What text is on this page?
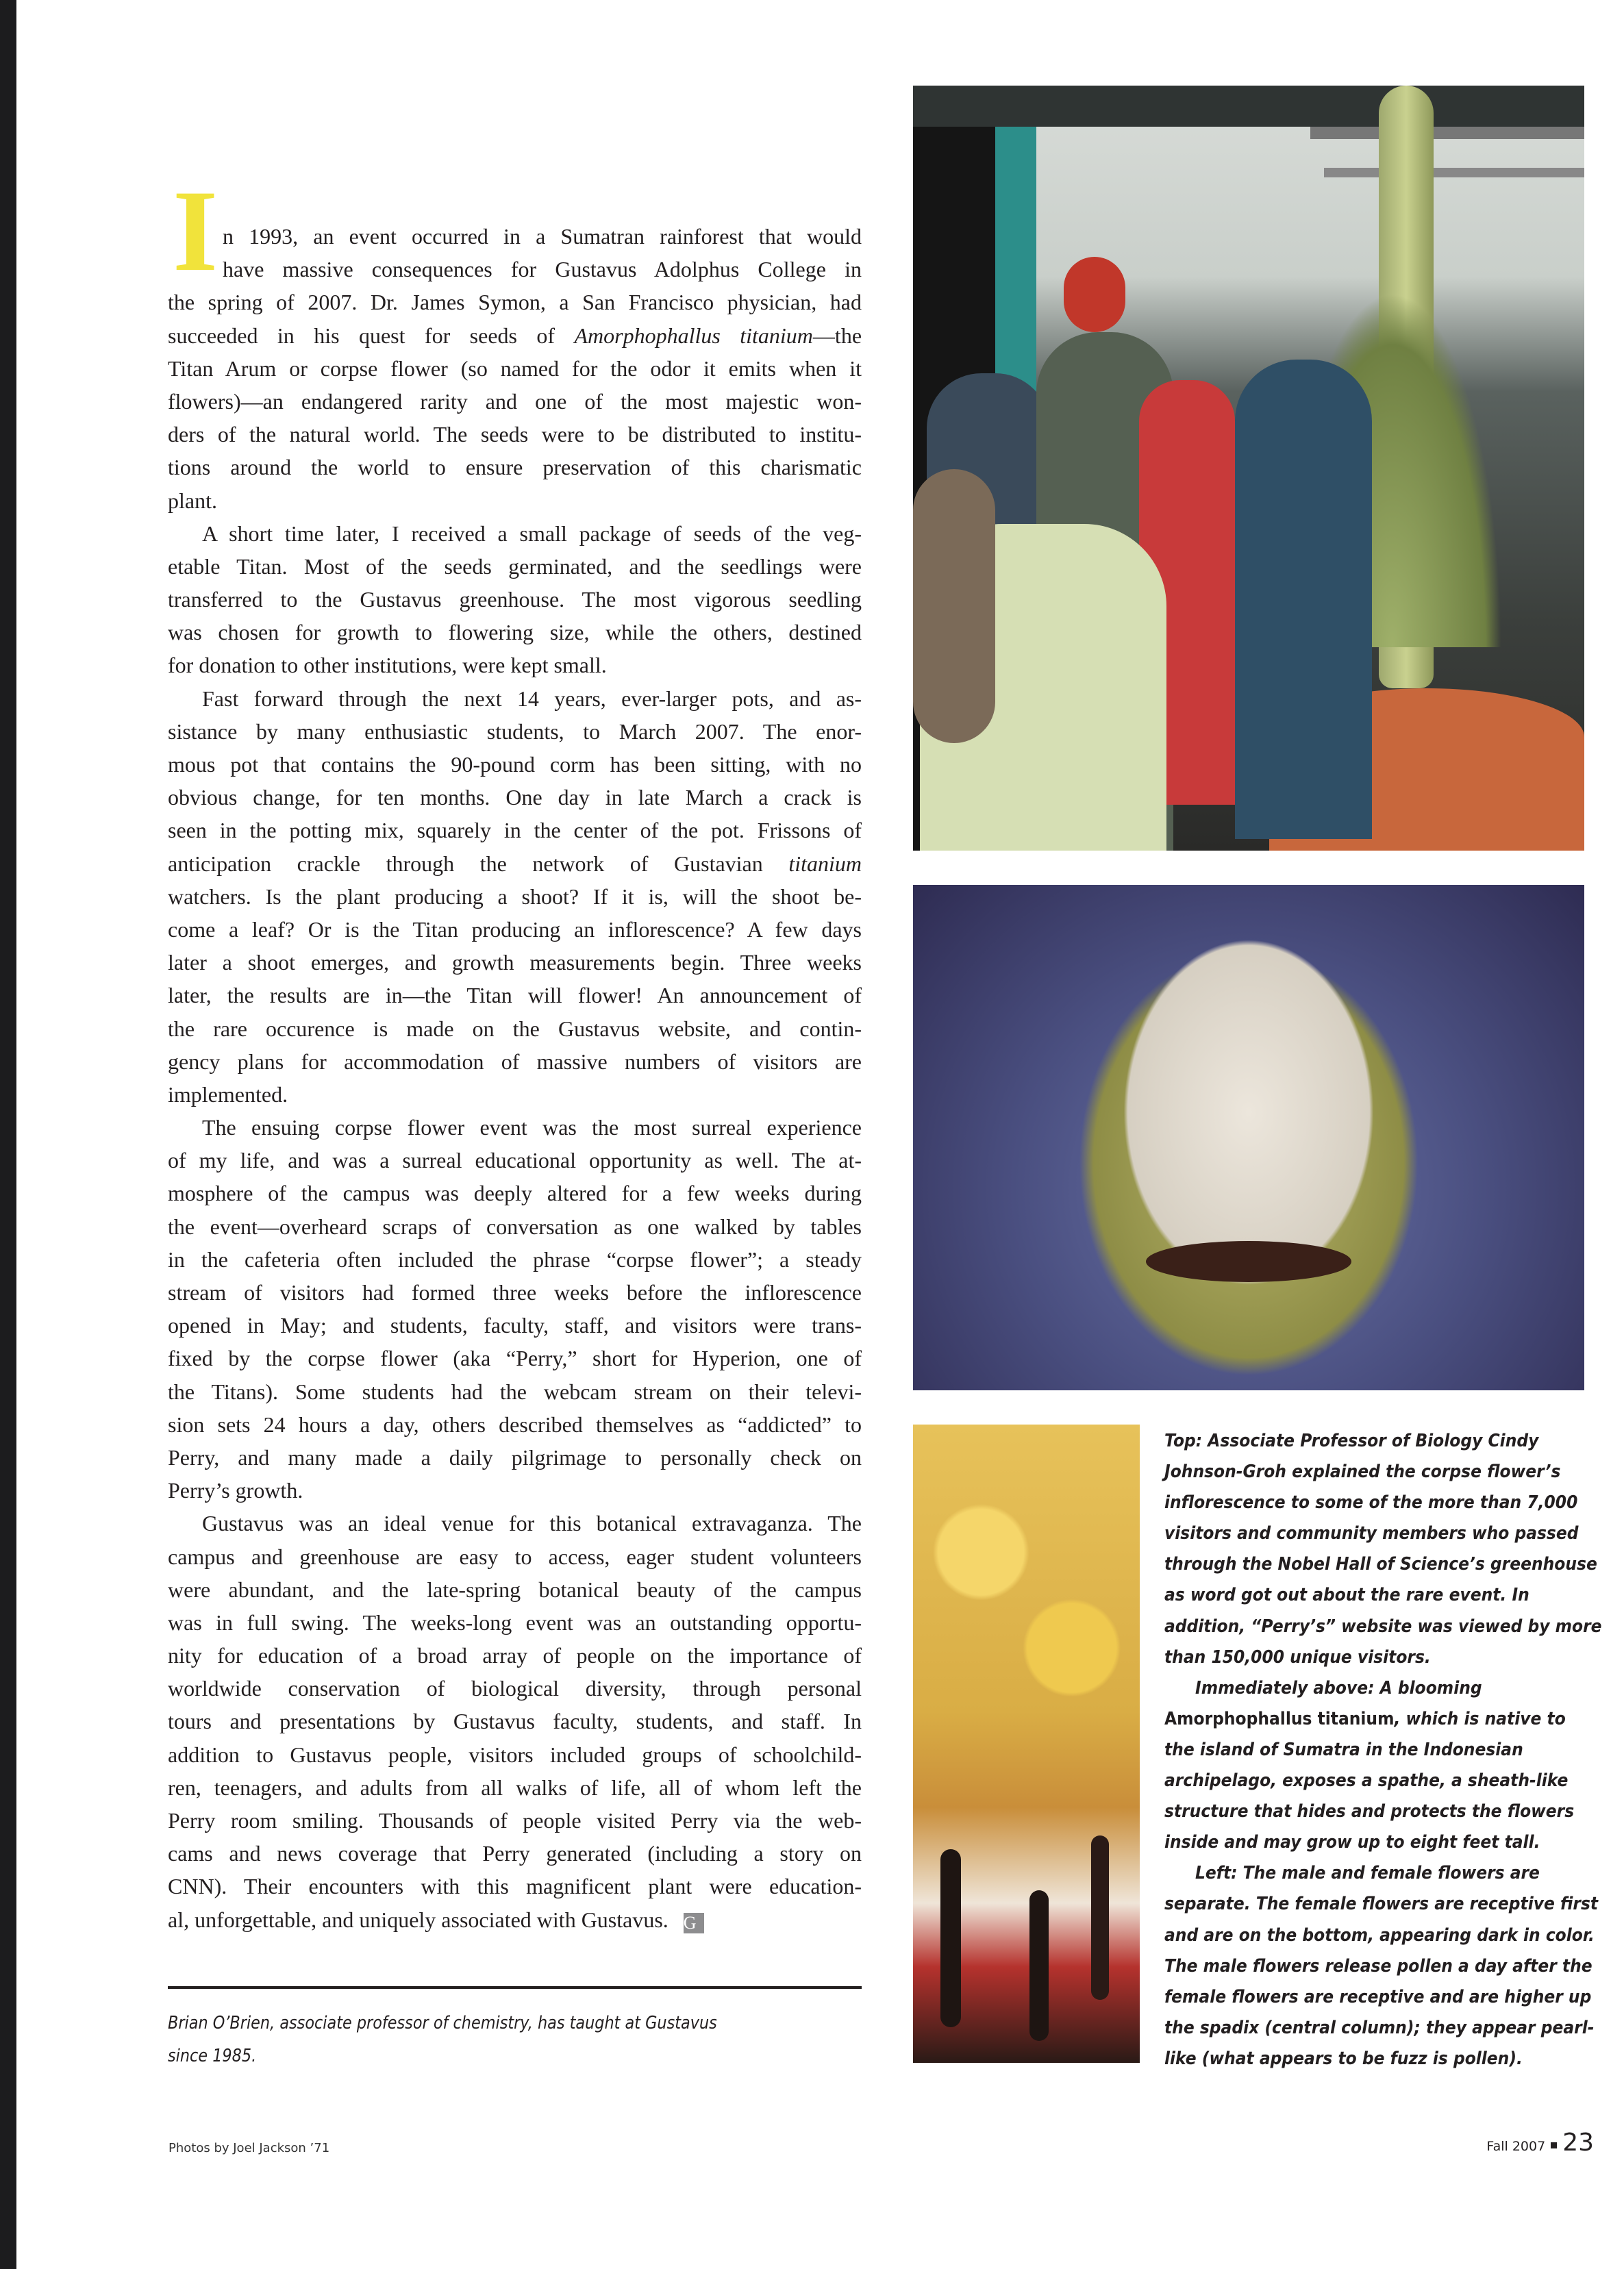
I n 1993, an event occurred in a Sumatran rainforest that would
have massive consequences for Gustavus Adolphus College in
the spring of 2007. Dr. James Symon, a San Francisco physician, had
succeeded in his quest for seeds of Amorphophallus titanium—the
Titan Arum or corpse flower (so named for the odor it emits when it
flowers)—an endangered rarity and one of the most majestic won-
ders of the natural world. The seeds were to be distributed to institu-
tions around the world to ensure preservation of this charismatic
plant.
A short time later, I received a small package of seeds of the veg-
etable Titan. Most of the seeds germinated, and the seedlings were
transferred to the Gustavus greenhouse. The most vigorous seedling
was chosen for growth to flowering size, while the others, destined
for donation to other institutions, were kept small.
Fast forward through the next 14 years, ever-larger pots, and as-
sistance by many enthusiastic students, to March 2007. The enor-
mous pot that contains the 90-pound corm has been sitting, with no
obvious change, for ten months. One day in late March a crack is
seen in the potting mix, squarely in the center of the pot. Frissons of
anticipation crackle through the network of Gustavian titanium
watchers. Is the plant producing a shoot? If it is, will the shoot be-
come a leaf? Or is the Titan producing an inflorescence? A few days
later a shoot emerges, and growth measurements begin. Three weeks
later, the results are in—the Titan will flower! An announcement of
the rare occurence is made on the Gustavus website, and contin-
gency plans for accommodation of massive numbers of visitors are
implemented.
The ensuing corpse flower event was the most surreal experience
of my life, and was a surreal educational opportunity as well. The at-
mosphere of the campus was deeply altered for a few weeks during
the event—overheard scraps of conversation as one walked by tables
in the cafeteria often included the phrase “corpse flower”; a steady
stream of visitors had formed three weeks before the inflorescence
opened in May; and students, faculty, staff, and visitors were trans-
fixed by the corpse flower (aka “Perry,” short for Hyperion, one of
the Titans). Some students had the webcam stream on their televi-
sion sets 24 hours a day, others described themselves as “addicted” to
Perry, and many made a daily pilgrimage to personally check on
Perry’s growth.
Gustavus was an ideal venue for this botanical extravaganza. The
campus and greenhouse are easy to access, eager student volunteers
were abundant, and the late-spring botanical beauty of the campus
was in full swing. The weeks-long event was an outstanding opportu-
nity for education of a broad array of people on the importance of
worldwide conservation of biological diversity, through personal
tours and presentations by Gustavus faculty, students, and staff. In
addition to Gustavus people, visitors included groups of schoolchild-
ren, teenagers, and adults from all walks of life, all of whom left the
Perry room smiling. Thousands of people visited Perry via the web-
cams and news coverage that Perry generated (including a story on
CNN). Their encounters with this magnificent plant were education-
al, unforgettable, and uniquely associated with Gustavus. G
Brian O’Brien, associate professor of chemistry, has taught at Gustavus
since 1985.
Top: Associate Professor of Biology Cindy
Johnson-Groh explained the corpse flower’s
inflorescence to some of the more than 7,000
visitors and community members who passed
through the Nobel Hall of Science’s greenhouse
as word got out about the rare event. In
addition, “Perry’s” website was viewed by more
than 150,000 unique visitors.
Immediately above: A blooming
Amorphophallus titanium, which is native to
the island of Sumatra in the Indonesian
archipelago, exposes a spathe, a sheath-like
structure that hides and protects the flowers
inside and may grow up to eight feet tall.
Left: The male and female flowers are
separate. The female flowers are receptive first
and are on the bottom, appearing dark in color.
The male flowers release pollen a day after the
female flowers are receptive and are higher up
the spadix (central column); they appear pearl-
like (what appears to be fuzz is pollen).
Photos by Joel Jackson ’71	Fall 2007 23
